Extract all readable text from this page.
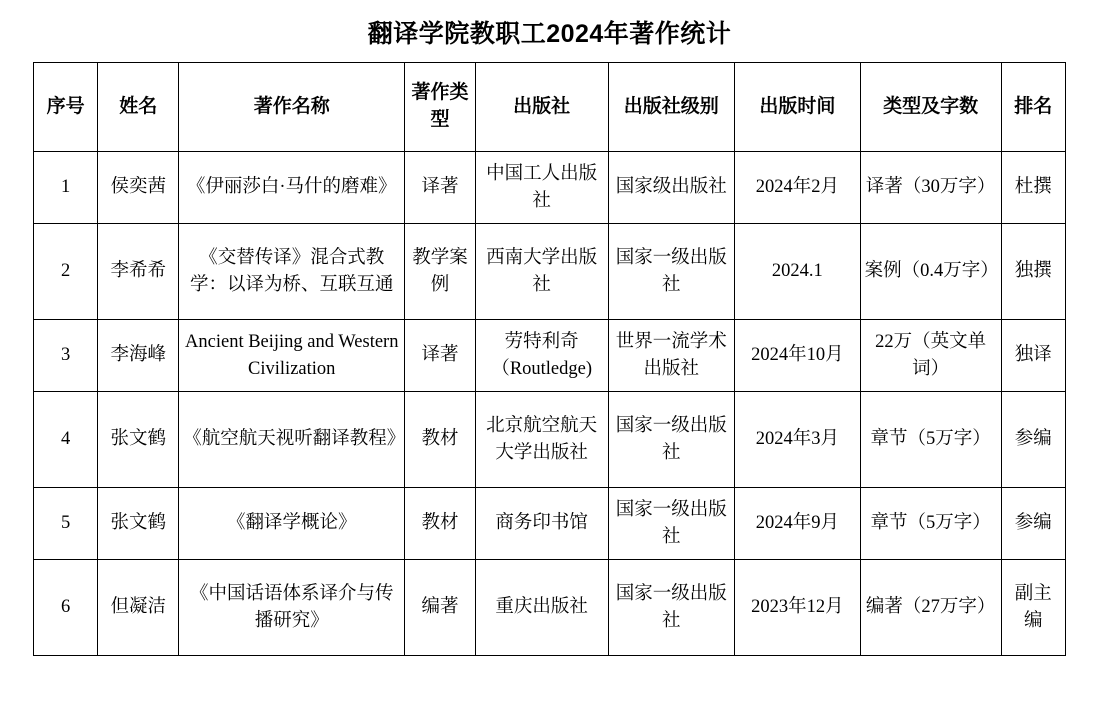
翻译学院教职工2024年著作统计
序号	姓名	著作名称	著作类型	出版社	出版社级别	出版时间	类型及字数	排名
1	侯奕茜	《伊丽莎白·马什的磨难》	译著	中国工人出版社	国家级出版社	2024年2月	译著（30万字）	杜撰
2	李希希	《交替传译》混合式教学：以译为桥、互联互通	教学案例	西南大学出版社	国家一级出版社	2024.1	案例（0.4万字）	独撰
3	李海峰	Ancient Beijing and Western Civilization	译著	劳特利奇（Routledge)	世界一流学术出版社	2024年10月	22万（英文单词）	独译
4	张文鹤	《航空航天视听翻译教程》	教材	北京航空航天大学出版社	国家一级出版社	2024年3月	章节（5万字）	参编
5	张文鹤	《翻译学概论》	教材	商务印书馆	国家一级出版社	2024年9月	章节（5万字）	参编
6	但凝洁	《中国话语体系译介与传播研究》	编著	重庆出版社	国家一级出版社	2023年12月	编著（27万字）	副主编
